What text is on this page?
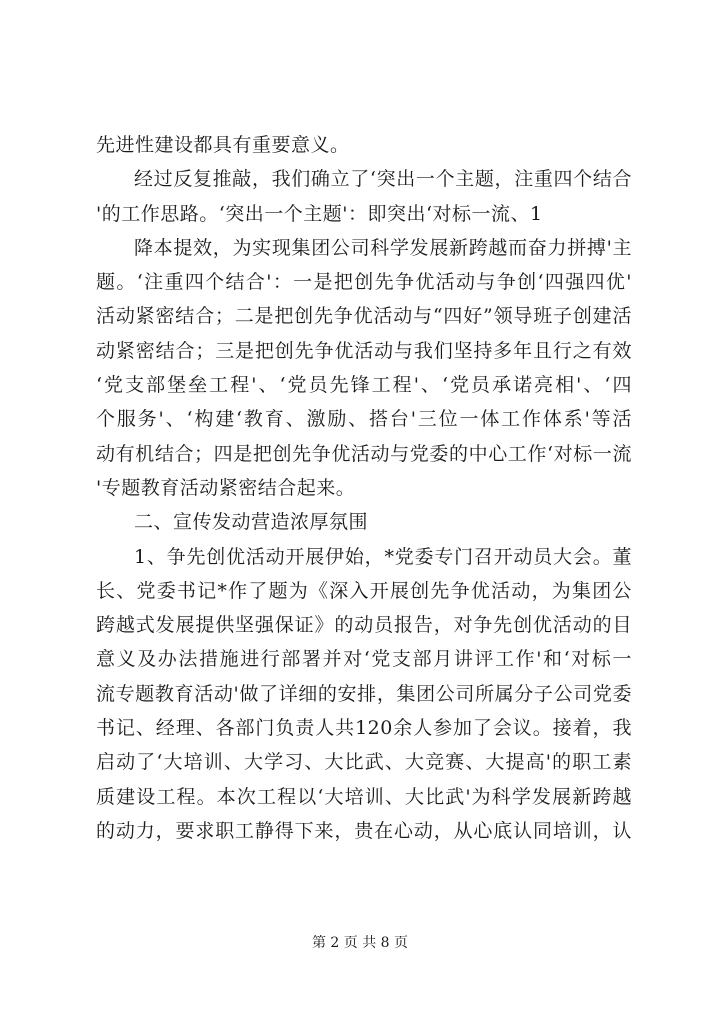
先进性建设都具有重要意义。
经过反复推敲，我们确立了‘突出一个主题，注重四个结合
'的工作思路。‘突出一个主题'：即突出‘对标一流、1
降本提效，为实现集团公司科学发展新跨越而奋力拼搏'主
题。‘注重四个结合'：一是把创先争优活动与争创‘四强四优'
活动紧密结合；二是把创先争优活动与“四好”领导班子创建活
动紧密结合；三是把创先争优活动与我们坚持多年且行之有效
‘党支部堡垒工程'、‘党员先锋工程'、‘党员承诺亮相'、‘四
个服务'、‘构建‘教育、激励、搭台'三位一体工作体系'等活
动有机结合；四是把创先争优活动与党委的中心工作‘对标一流
'专题教育活动紧密结合起来。
二、宣传发动营造浓厚氛围
1、争先创优活动开展伊始，*党委专门召开动员大会。董
长、党委书记*作了题为《深入开展创先争优活动，为集团公
跨越式发展提供坚强保证》的动员报告，对争先创优活动的目
意义及办法措施进行部署并对‘党支部月讲评工作'和‘对标一
流专题教育活动'做了详细的安排，集团公司所属分子公司党委
书记、经理、各部门负责人共120余人参加了会议。接着，我
启动了‘大培训、大学习、大比武、大竞赛、大提高'的职工素
质建设工程。本次工程以‘大培训、大比武'为科学发展新跨越
的动力，要求职工静得下来，贵在心动，从心底认同培训，认
第 2 页 共 8 页
